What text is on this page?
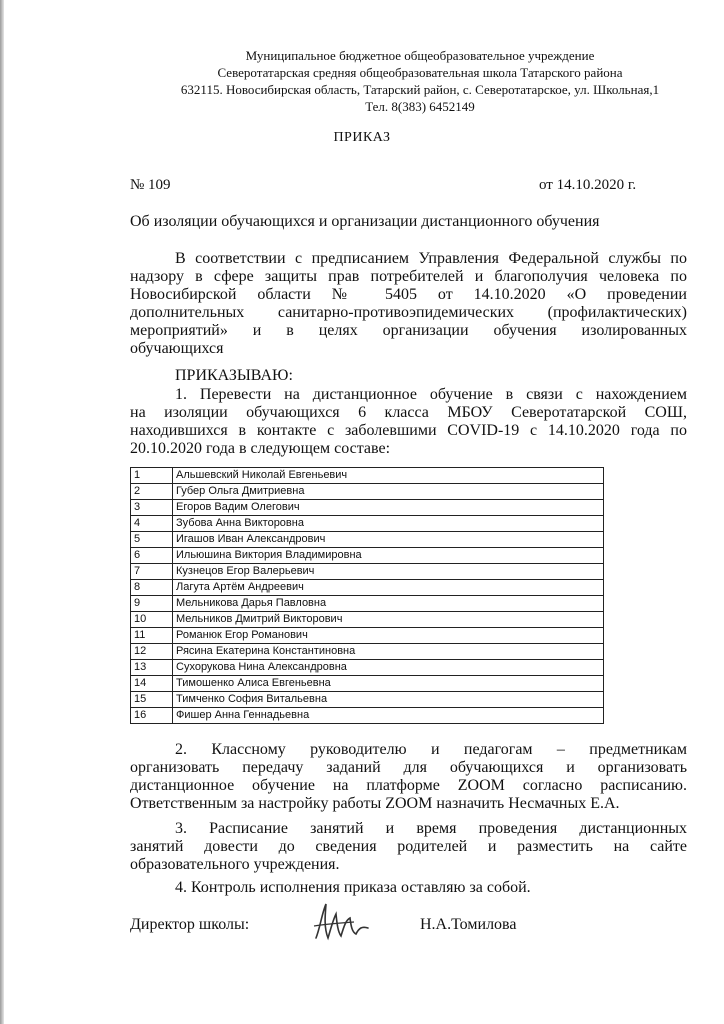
Муниципальное бюджетное общеобразовательное учреждение
Северотатарская средняя общеобразовательная школа Татарского района
632115. Новосибирская область, Татарский район, с. Северотатарское, ул. Школьная,1
Тел. 8(383) 6452149
ПРИКАЗ
№ 109	от 14.10.2020 г.
Об изоляции обучающихся и организации дистанционного обучения
В соответствии с предписанием Управления Федеральной службы по
надзору в сфере защиты прав потребителей и благополучия человека по
Новосибирской области № 5405 от 14.10.2020 «О проведении
дополнительных санитарно-противоэпидемических (профилактических)
мероприятий» и в целях организации обучения изолированных
обучающихся
ПРИКАЗЫВАЮ:
1. Перевести на дистанционное обучение в связи с нахождением
на изоляции обучающихся 6 класса МБОУ Северотатарской СОШ,
находившихся в контакте с заболевшими COVID-19 с 14.10.2020 года по
20.10.2020 года в следующем составе:
1	Альшевский Николай Евгеньевич
2	Губер Ольга Дмитриевна
3	Егоров Вадим Олегович
4	Зубова Анна Викторовна
5	Игашов Иван Александрович
6	Ильюшина Виктория Владимировна
7	Кузнецов Егор Валерьевич
8	Лагута Артём Андреевич
9	Мельникова Дарья Павловна
10	Мельников Дмитрий Викторович
11	Романюк Егор Романович
12	Рясина Екатерина Константиновна
13	Сухорукова Нина Александровна
14	Тимошенко Алиса Евгеньевна
15	Тимченко София Витальевна
16	Фишер Анна Геннадьевна
2. Классному руководителю и педагогам – предметникам
организовать передачу заданий для обучающихся и организовать
дистанционное обучение на платформе ZOOM согласно расписанию.
Ответственным за настройку работы ZOOM назначить Несмачных Е.А.
3. Расписание занятий и время проведения дистанционных
занятий довести до сведения родителей и разместить на сайте
образовательного учреждения.
4. Контроль исполнения приказа оставляю за собой.
Директор школы:	Н.А.Томилова
